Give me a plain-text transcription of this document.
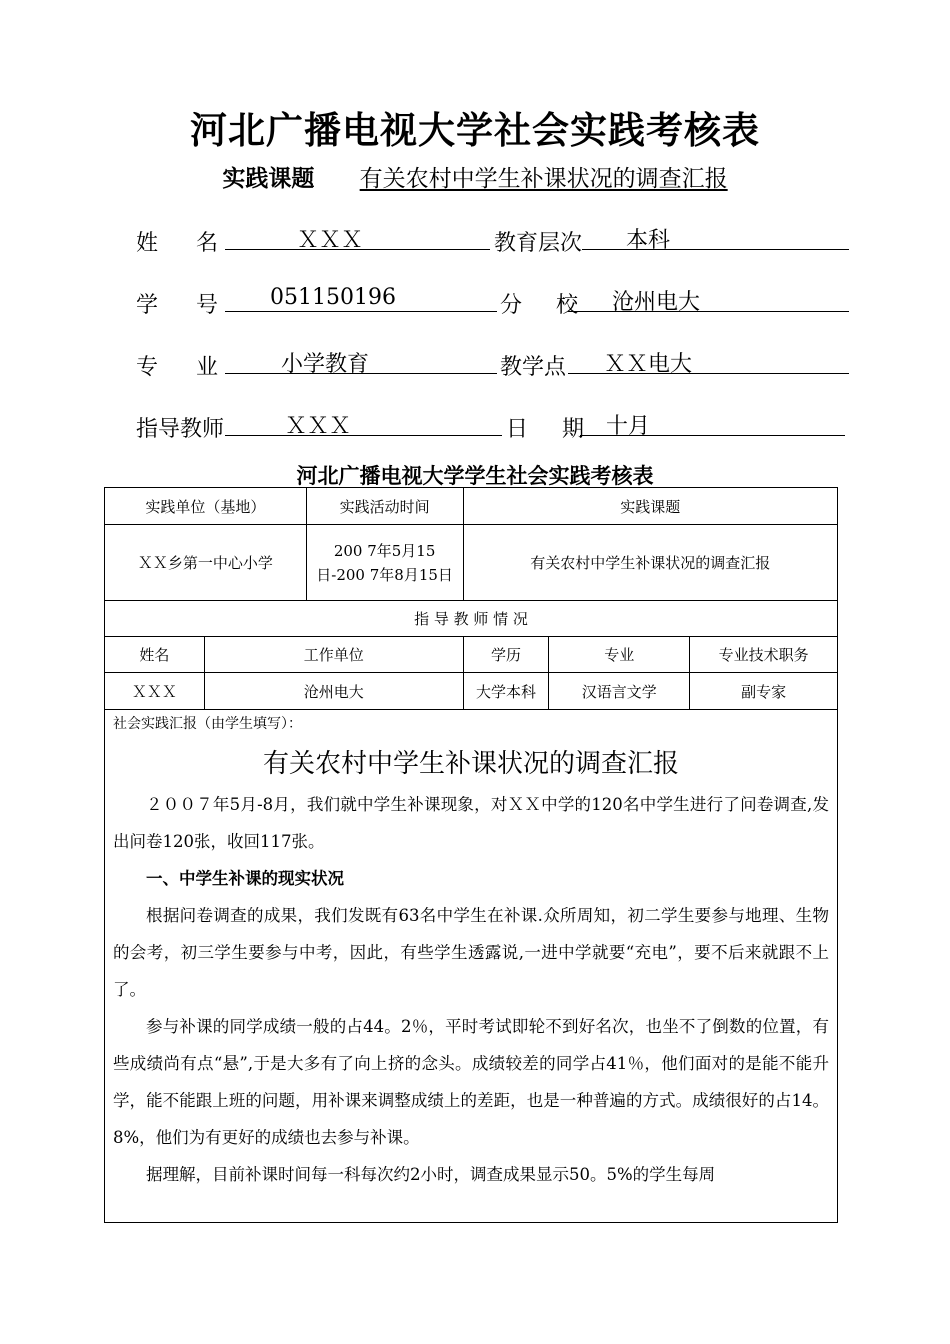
河北广播电视大学社会实践考核表
实践课题 有关农村中学生补课状况的调查汇报
姓　名	ＸＸＸ	教育层次	本科
学　号	051150196	分　校	沧州电大
专　业	小学教育	教学点	ＸＸ电大
指导教师	ＸＸＸ	日　期 十月
河北广播电视大学学生社会实践考核表
实践单位（基地）		实践活动时间	实践课题		
ＸＸ乡第一中心小学		200 7年5月15日-200 7年8月15日	有关农村中学生补课状况的调查汇报		
指 导 教 师 情 况					
姓名	工作单位		学历	专业	专业技术职务
ＸＸＸ	沧州电大		大学本科	汉语言文学	副专家
社会实践汇报（由学生填写）：
有关农村中学生补课状况的调查汇报
２００７年5月-8月，我们就中学生补课现象，对ＸＸ中学的120名中学生进行了问卷调查,发出问卷120张，收回117张。
一、中学生补课的现实状况
根据问卷调查的成果，我们发既有63名中学生在补课.众所周知，初二学生要参与地理、生物的会考，初三学生要参与中考，因此，有些学生透露说,一进中学就要“充电”，要不后来就跟不上了。
参与补课的同学成绩一般的占44。2％，平时考试即轮不到好名次，也坐不了倒数的位置，有些成绩尚有点“悬”,于是大多有了向上挤的念头。成绩较差的同学占41％，他们面对的是能不能升学，能不能跟上班的问题，用补课来调整成绩上的差距，也是一种普遍的方式。成绩很好的占14。8%，他们为有更好的成绩也去参与补课。
据理解，目前补课时间每一科每次约2小时，调查成果显示50。5%的学生每周
